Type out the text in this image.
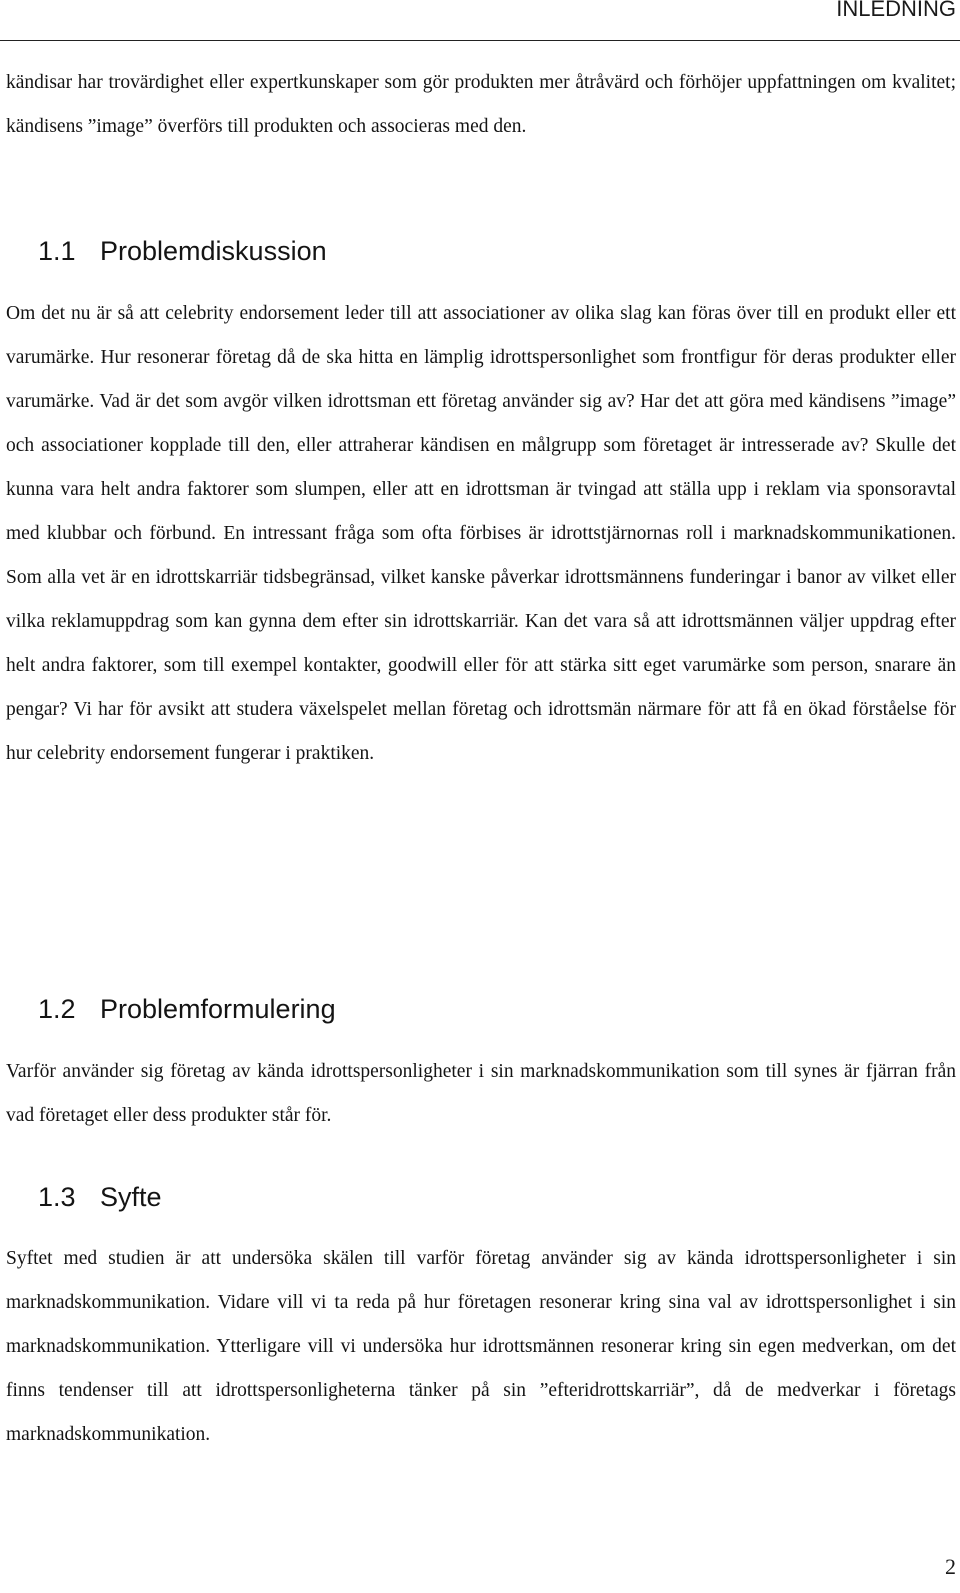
INLEDNING

kändisar har trovärdighet eller expertkunskaper som gör produkten mer åtråvärd och förhöjer uppfattningen om kvalitet; kändisens ”image” överförs till produkten och associeras med den.

1.1 Problemdiskussion

Om det nu är så att celebrity endorsement leder till att associationer av olika slag kan föras över till en produkt eller ett varumärke. Hur resonerar företag då de ska hitta en lämplig idrottspersonlighet som frontfigur för deras produkter eller varumärke. Vad är det som avgör vilken idrottsman ett företag använder sig av? Har det att göra med kändisens ”image” och associationer kopplade till den, eller attraherar kändisen en målgrupp som företaget är intresserade av? Skulle det kunna vara helt andra faktorer som slumpen, eller att en idrottsman är tvingad att ställa upp i reklam via sponsoravtal med klubbar och förbund. En intressant fråga som ofta förbises är idrottstjärnornas roll i marknadskommunikationen. Som alla vet är en idrottskarriär tidsbegränsad, vilket kanske påverkar idrottsmännens funderingar i banor av vilket eller vilka reklamuppdrag som kan gynna dem efter sin idrottskarriär. Kan det vara så att idrottsmännen väljer uppdrag efter helt andra faktorer, som till exempel kontakter, goodwill eller för att stärka sitt eget varumärke som person, snarare än pengar? Vi har för avsikt att studera växelspelet mellan företag och idrottsmän närmare för att få en ökad förståelse för hur celebrity endorsement fungerar i praktiken.

1.2 Problemformulering

Varför använder sig företag av kända idrottspersonligheter i sin marknadskommunikation som till synes är fjärran från vad företaget eller dess produkter står för.

1.3 Syfte

Syftet med studien är att undersöka skälen till varför företag använder sig av kända idrottspersonligheter i sin marknadskommunikation. Vidare vill vi ta reda på hur företagen resonerar kring sina val av idrottspersonlighet i sin marknadskommunikation. Ytterligare vill vi undersöka hur idrottsmännen resonerar kring sin egen medverkan, om det finns tendenser till att idrottspersonligheterna tänker på sin ”efteridrottskarriär”, då de medverkar i företags marknadskommunikation.

2
